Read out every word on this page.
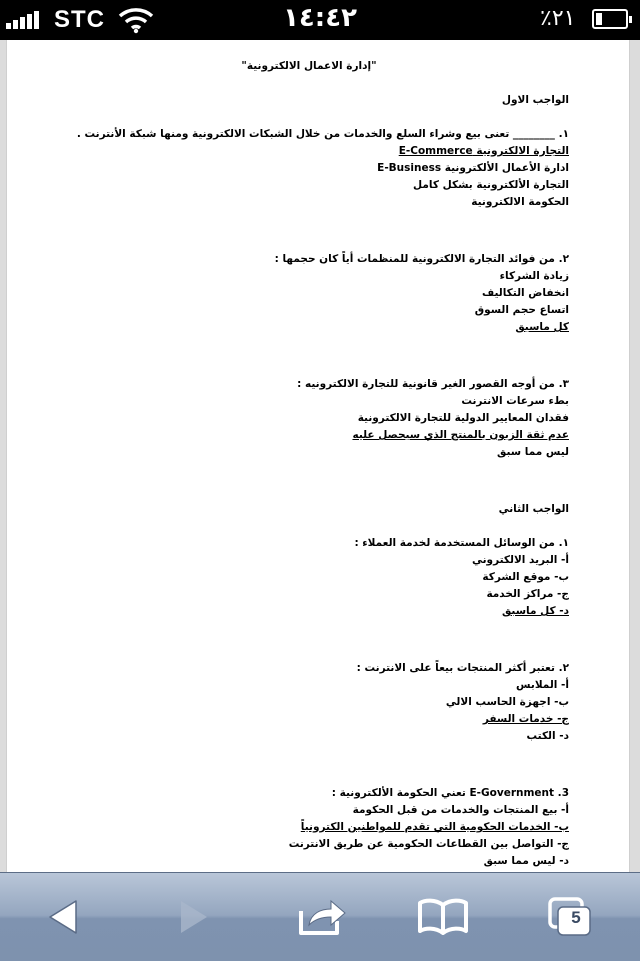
STC	١٤:٤٢	٪٢١
"إدارة الاعمال الالكترونية"
الواجب الاول
١. ________ تعنى بيع وشراء السلع والخدمات من خلال الشبكات الالكترونية ومنها شبكة الأنترنت .
التجارة الالكترونية E-Commerce
ادارة الأعمال الألكترونية E-Business
التجارة الألكترونية بشكل كامل
الحكومة الالكترونية
٢. من فوائد التجارة الالكترونية للمنظمات أياً كان حجمها :
زيادة الشركاء
انخفاض التكاليف
اتساع حجم السوق
كل ماسبق
٣. من أوجه القصور الغير قانونية للتجارة الالكترونيه :
بطء سرعات الانترنت
فقدان المعايير الدولية للتجارة الالكترونية
عدم ثقة الزبون بالمنتج الذي سيحصل عليه
ليس مما سبق
الواجب الثاني
١. من الوسائل المستخدمة لخدمة العملاء :
أ- البريد الالكتروني
ب- موقع الشركة
ج- مراكز الخدمة
د- كل ماسبق
٢. تعتبر أكثر المنتجات بيعاً على الانترنت :
أ- الملابس
ب- اجهزة الحاسب الالي
ج- خدمات السفر
د- الكتب
3. E-Government تعني الحكومة الألكترونية :
أ- بيع المنتجات والخدمات من قبل الحكومة
ب- الخدمات الحكومية التي تقدم للمواطنين الكترونياً
ج- التواصل بين القطاعات الحكومية عن طريق الانترنت
د- ليس مما سبق
5
